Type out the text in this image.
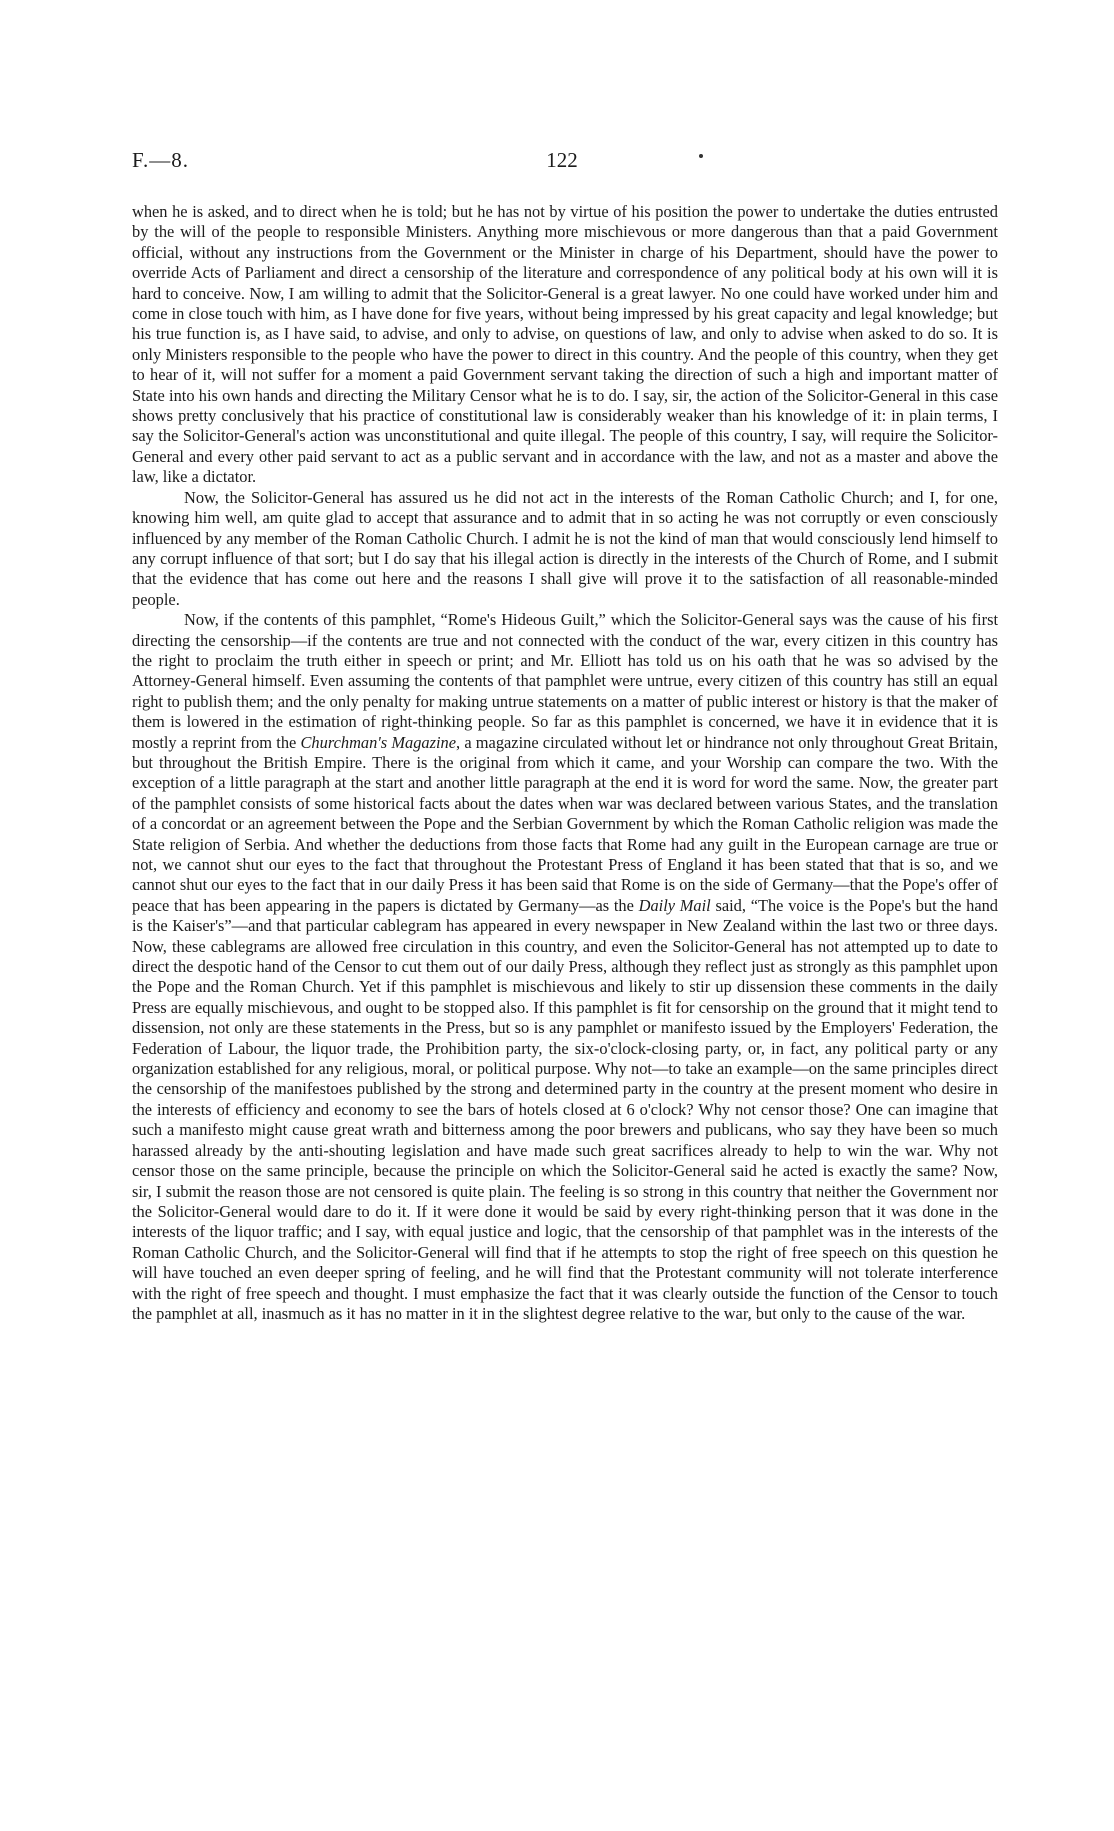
F.—8.	122

when he is asked, and to direct when he is told; but he has not by virtue of his position the power to undertake the duties entrusted by the will of the people to responsible Ministers. Anything more mischievous or more dangerous than that a paid Government official, without any instructions from the Government or the Minister in charge of his Department, should have the power to override Acts of Parliament and direct a censorship of the literature and correspondence of any political body at his own will it is hard to conceive. Now, I am willing to admit that the Solicitor-General is a great lawyer. No one could have worked under him and come in close touch with him, as I have done for five years, without being impressed by his great capacity and legal knowledge; but his true function is, as I have said, to advise, and only to advise, on questions of law, and only to advise when asked to do so. It is only Ministers responsible to the people who have the power to direct in this country. And the people of this country, when they get to hear of it, will not suffer for a moment a paid Government servant taking the direction of such a high and important matter of State into his own hands and directing the Military Censor what he is to do. I say, sir, the action of the Solicitor-General in this case shows pretty conclusively that his practice of constitutional law is considerably weaker than his knowledge of it: in plain terms, I say the Solicitor-General's action was unconstitutional and quite illegal. The people of this country, I say, will require the Solicitor-General and every other paid servant to act as a public servant and in accordance with the law, and not as a master and above the law, like a dictator.

Now, the Solicitor-General has assured us he did not act in the interests of the Roman Catholic Church; and I, for one, knowing him well, am quite glad to accept that assurance and to admit that in so acting he was not corruptly or even consciously influenced by any member of the Roman Catholic Church. I admit he is not the kind of man that would consciously lend himself to any corrupt influence of that sort; but I do say that his illegal action is directly in the interests of the Church of Rome, and I submit that the evidence that has come out here and the reasons I shall give will prove it to the satisfaction of all reasonable-minded people.

Now, if the contents of this pamphlet, “Rome's Hideous Guilt,” which the Solicitor-General says was the cause of his first directing the censorship—if the contents are true and not connected with the conduct of the war, every citizen in this country has the right to proclaim the truth either in speech or print; and Mr. Elliott has told us on his oath that he was so advised by the Attorney-General himself. Even assuming the contents of that pamphlet were untrue, every citizen of this country has still an equal right to publish them; and the only penalty for making untrue statements on a matter of public interest or history is that the maker of them is lowered in the estimation of right-thinking people. So far as this pamphlet is concerned, we have it in evidence that it is mostly a reprint from the Churchman's Magazine, a magazine circulated without let or hindrance not only throughout Great Britain, but throughout the British Empire. There is the original from which it came, and your Worship can compare the two. With the exception of a little paragraph at the start and another little paragraph at the end it is word for word the same. Now, the greater part of the pamphlet consists of some historical facts about the dates when war was declared between various States, and the translation of a concordat or an agreement between the Pope and the Serbian Government by which the Roman Catholic religion was made the State religion of Serbia. And whether the deductions from those facts that Rome had any guilt in the European carnage are true or not, we cannot shut our eyes to the fact that throughout the Protestant Press of England it has been stated that that is so, and we cannot shut our eyes to the fact that in our daily Press it has been said that Rome is on the side of Germany—that the Pope's offer of peace that has been appearing in the papers is dictated by Germany—as the Daily Mail said, “The voice is the Pope's but the hand is the Kaiser's”—and that particular cablegram has appeared in every newspaper in New Zealand within the last two or three days. Now, these cablegrams are allowed free circulation in this country, and even the Solicitor-General has not attempted up to date to direct the despotic hand of the Censor to cut them out of our daily Press, although they reflect just as strongly as this pamphlet upon the Pope and the Roman Church. Yet if this pamphlet is mischievous and likely to stir up dissension these comments in the daily Press are equally mischievous, and ought to be stopped also. If this pamphlet is fit for censorship on the ground that it might tend to dissension, not only are these statements in the Press, but so is any pamphlet or manifesto issued by the Employers' Federation, the Federation of Labour, the liquor trade, the Prohibition party, the six-o'clock-closing party, or, in fact, any political party or any organization established for any religious, moral, or political purpose. Why not—to take an example—on the same principles direct the censorship of the manifestoes published by the strong and determined party in the country at the present moment who desire in the interests of efficiency and economy to see the bars of hotels closed at 6 o'clock? Why not censor those? One can imagine that such a manifesto might cause great wrath and bitterness among the poor brewers and publicans, who say they have been so much harassed already by the anti-shouting legislation and have made such great sacrifices already to help to win the war. Why not censor those on the same principle, because the principle on which the Solicitor-General said he acted is exactly the same? Now, sir, I submit the reason those are not censored is quite plain. The feeling is so strong in this country that neither the Government nor the Solicitor-General would dare to do it. If it were done it would be said by every right-thinking person that it was done in the interests of the liquor traffic; and I say, with equal justice and logic, that the censorship of that pamphlet was in the interests of the Roman Catholic Church, and the Solicitor-General will find that if he attempts to stop the right of free speech on this question he will have touched an even deeper spring of feeling, and he will find that the Protestant community will not tolerate interference with the right of free speech and thought. I must emphasize the fact that it was clearly outside the function of the Censor to touch the pamphlet at all, inasmuch as it has no matter in it in the slightest degree relative to the war, but only to the cause of the war.
